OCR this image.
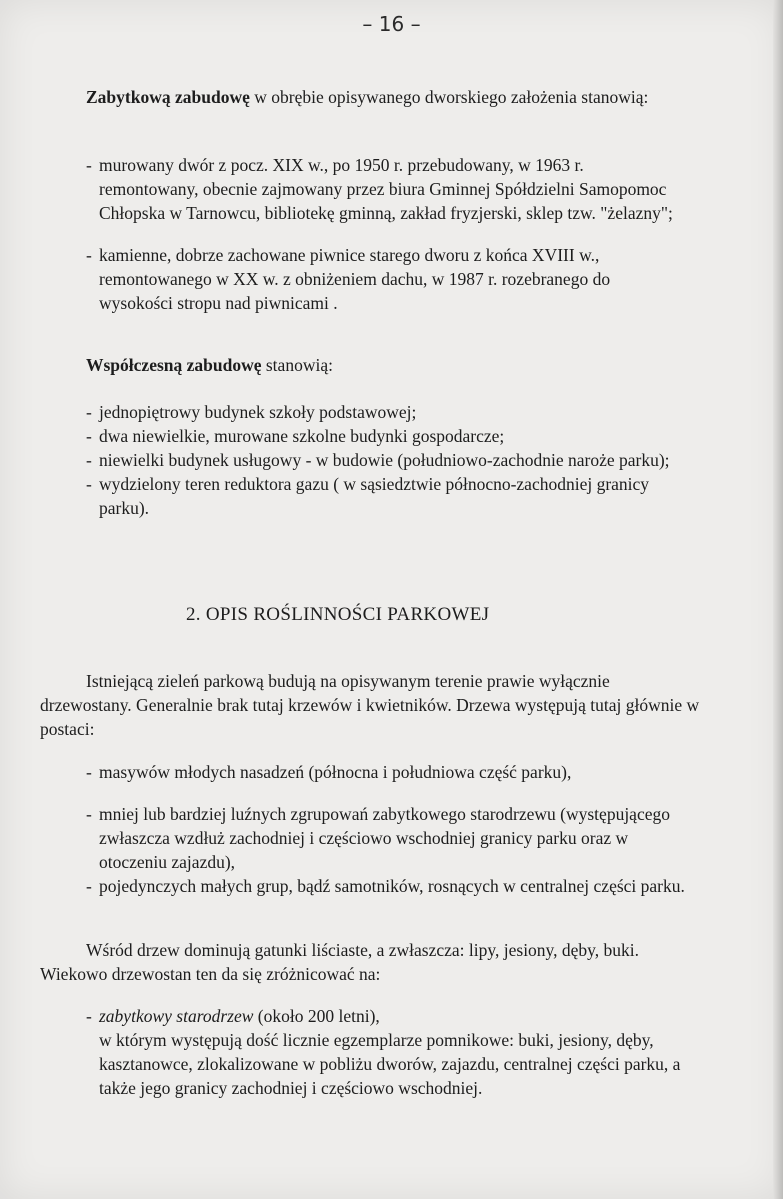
– 16 –
Zabytkową zabudowę w obrębie opisywanego dworskiego założenia stanowią:
- murowany dwór z pocz. XIX w., po 1950 r. przebudowany, w 1963 r. remontowany, obecnie zajmowany przez biura Gminnej Spółdzielni Samopomoc Chłopska w Tarnowcu, bibliotekę gminną, zakład fryzjerski, sklep tzw. "żelazny";
- kamienne, dobrze zachowane piwnice starego dworu z końca XVIII w., remontowanego w XX w. z obniżeniem dachu, w 1987 r. rozebranego do wysokości stropu nad piwnicami .
Współczesną zabudowę stanowią:
- jednopiętrowy budynek szkoły podstawowej;
- dwa niewielkie, murowane szkolne budynki gospodarcze;
- niewielki budynek usługowy - w budowie (południowo-zachodnie naroże parku);
- wydzielony teren reduktora gazu ( w sąsiedztwie północno-zachodniej granicy parku).
2. OPIS ROŚLINNOŚCI PARKOWEJ
Istniejącą zieleń parkową budują na opisywanym terenie prawie wyłącznie drzewostany. Generalnie brak tutaj krzewów i kwietników. Drzewa występują tutaj głównie w postaci:
- masywów młodych nasadzeń (północna i południowa część parku),
- mniej lub bardziej luźnych zgrupowań zabytkowego starodrzewu (występującego zwłaszcza wzdłuż zachodniej i częściowo wschodniej granicy parku oraz w otoczeniu zajazdu),
- pojedynczych małych grup, bądź samotników, rosnących w centralnej części parku.
Wśród drzew dominują gatunki liściaste, a zwłaszcza: lipy, jesiony, dęby, buki. Wiekowo drzewostan ten da się zróżnicować na:
- zabytkowy starodrzew (około 200 letni),
w którym występują dość licznie egzemplarze pomnikowe: buki, jesiony, dęby, kasztanowce, zlokalizowane w pobliżu dworów, zajazdu, centralnej części parku, a także jego granicy zachodniej i częściowo wschodniej.
